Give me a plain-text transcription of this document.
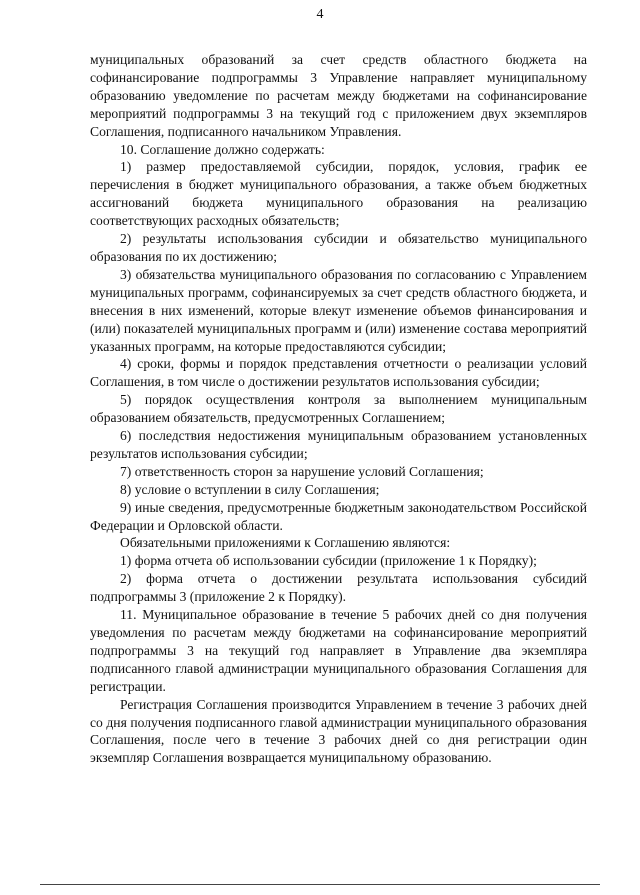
4

муниципальных образований за счет средств областного бюджета на софинансирование подпрограммы 3 Управление направляет муниципальному образованию уведомление по расчетам между бюджетами на софинансирование мероприятий подпрограммы 3 на текущий год с приложением двух экземпляров Соглашения, подписанного начальником Управления.

10. Соглашение должно содержать:

1) размер предоставляемой субсидии, порядок, условия, график ее перечисления в бюджет муниципального образования, а также объем бюджетных ассигнований бюджета муниципального образования на реализацию соответствующих расходных обязательств;

2) результаты использования субсидии и обязательство муниципального образования по их достижению;

3) обязательства муниципального образования по согласованию с Управлением муниципальных программ, софинансируемых за счет средств областного бюджета, и внесения в них изменений, которые влекут изменение объемов финансирования и (или) показателей муниципальных программ и (или) изменение состава мероприятий указанных программ, на которые предоставляются субсидии;

4) сроки, формы и порядок представления отчетности о реализации условий Соглашения, в том числе о достижении результатов использования субсидии;

5) порядок осуществления контроля за выполнением муниципальным образованием обязательств, предусмотренных Соглашением;

6) последствия недостижения муниципальным образованием установленных результатов использования субсидии;

7) ответственность сторон за нарушение условий Соглашения;

8) условие о вступлении в силу Соглашения;

9) иные сведения, предусмотренные бюджетным законодательством Российской Федерации и Орловской области.

Обязательными приложениями к Соглашению являются:

1) форма отчета об использовании субсидии (приложение 1 к Порядку);

2) форма отчета о достижении результата использования субсидий подпрограммы 3 (приложение 2 к Порядку).

11. Муниципальное образование в течение 5 рабочих дней со дня получения уведомления по расчетам между бюджетами на софинансирование мероприятий подпрограммы 3 на текущий год направляет в Управление два экземпляра подписанного главой администрации муниципального образования Соглашения для регистрации.

Регистрация Соглашения производится Управлением в течение 3 рабочих дней со дня получения подписанного главой администрации муниципального образования Соглашения, после чего в течение 3 рабочих дней со дня регистрации один экземпляр Соглашения возвращается муниципальному образованию.
